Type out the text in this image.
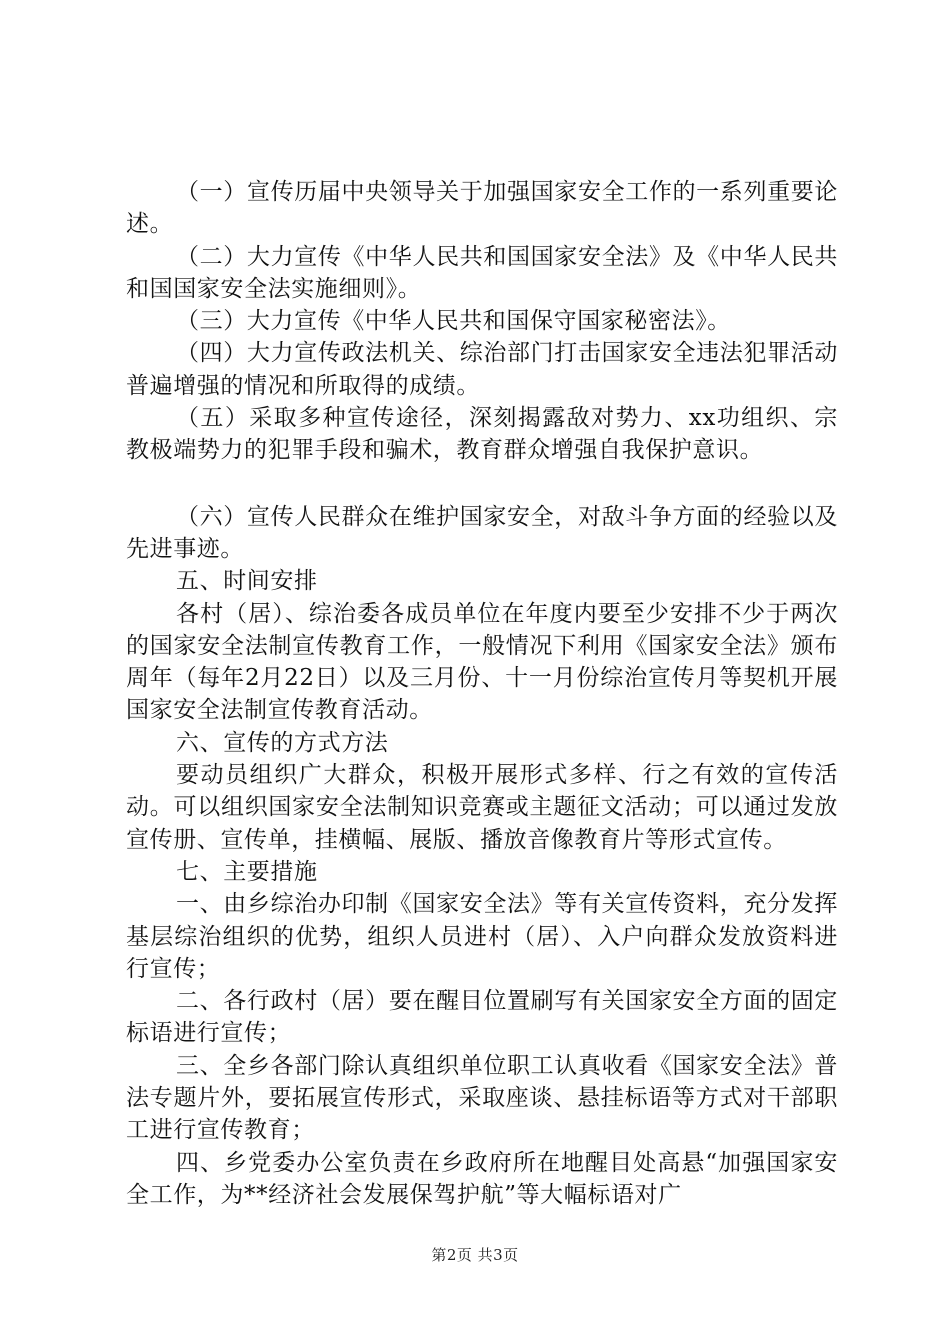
（一）宣传历届中央领导关于加强国家安全工作的一系列重要论述。

（二）大力宣传《中华人民共和国国家安全法》及《中华人民共和国国家安全法实施细则》。

（三）大力宣传《中华人民共和国保守国家秘密法》。

（四）大力宣传政法机关、综治部门打击国家安全违法犯罪活动普遍增强的情况和所取得的成绩。

（五）采取多种宣传途径，深刻揭露敌对势力、xx功组织、宗教极端势力的犯罪手段和骗术，教育群众增强自我保护意识。

（六）宣传人民群众在维护国家安全，对敌斗争方面的经验以及先进事迹。

五、时间安排

各村（居）、综治委各成员单位在年度内要至少安排不少于两次的国家安全法制宣传教育工作，一般情况下利用《国家安全法》颁布周年（每年2月22日）以及三月份、十一月份综治宣传月等契机开展国家安全法制宣传教育活动。

六、宣传的方式方法

要动员组织广大群众，积极开展形式多样、行之有效的宣传活动。可以组织国家安全法制知识竞赛或主题征文活动；可以通过发放宣传册、宣传单，挂横幅、展版、播放音像教育片等形式宣传。

七、主要措施

一、由乡综治办印制《国家安全法》等有关宣传资料，充分发挥基层综治组织的优势，组织人员进村（居）、入户向群众发放资料进行宣传；

二、各行政村（居）要在醒目位置刷写有关国家安全方面的固定标语进行宣传；

三、全乡各部门除认真组织单位职工认真收看《国家安全法》普法专题片外，要拓展宣传形式，采取座谈、悬挂标语等方式对干部职工进行宣传教育；

四、乡党委办公室负责在乡政府所在地醒目处高悬“加强国家安全工作，为**经济社会发展保驾护航”等大幅标语对广

第2页 共3页
